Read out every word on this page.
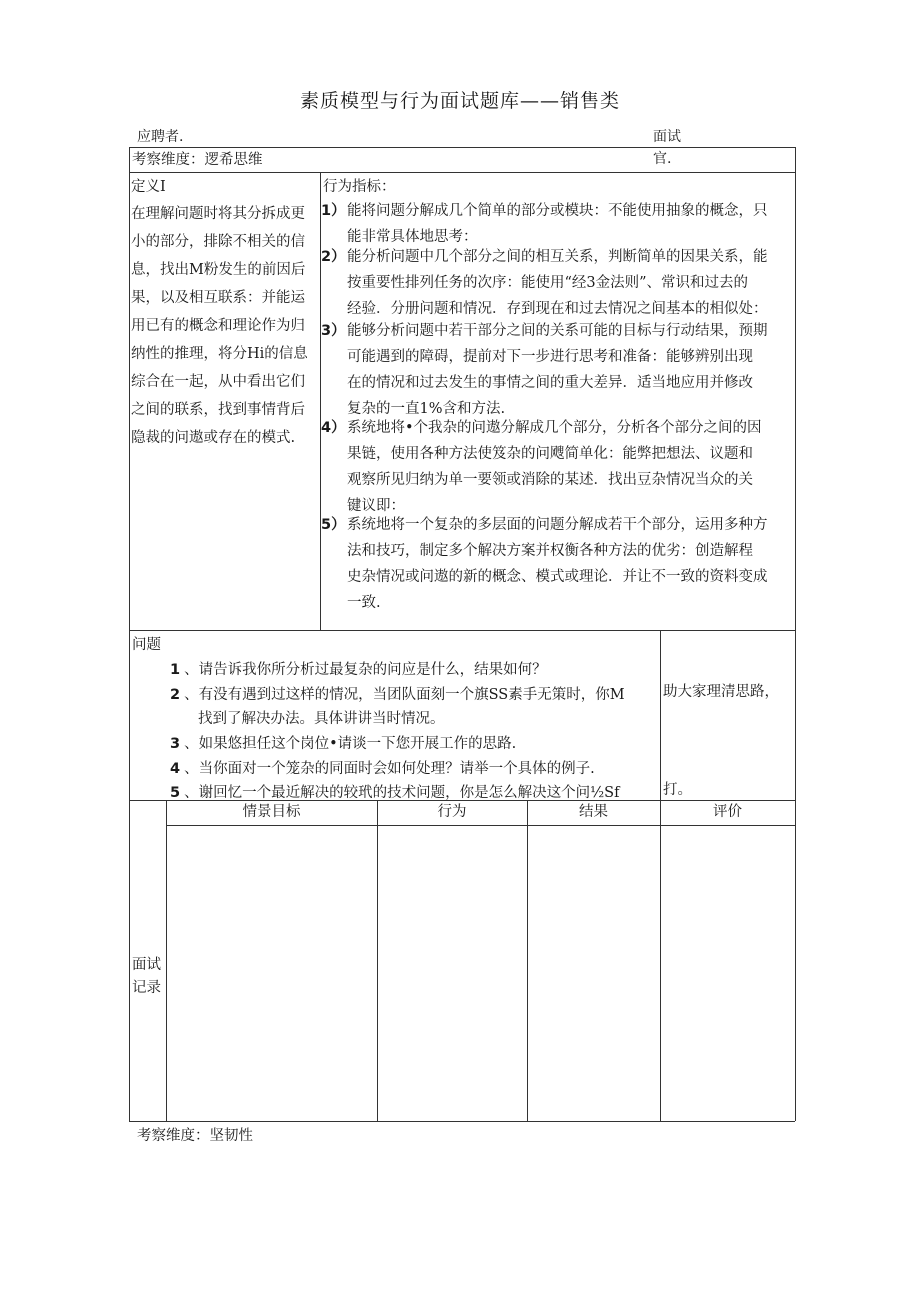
素质模型与行为面试题库——销售类
应聘者.	面试
官.
考察维度：逻希思维
定义I
在理解问题时将其分拆成更
小的部分，排除不相关的信
息，找出M粉发生的前因后
果，以及相互联系：并能运
用已有的概念和理论作为归
纳性的推理，将分Hi的信息
综合在一起，从中看出它们
之间的联系，找到事情背后
隐裁的问遨或存在的模式.
行为指标：
1） 能将问题分解成几个简单的部分或模块：不能使用抽象的概念，只
能非常具体地思考：
2） 能分析问题中几个部分之间的相互关系，判断简单的因果关系，能
按重要性排列任务的次序：能使用“经3金法则”、常识和过去的
经验．分册问题和情况．存到现在和过去情况之间基本的相似处：
3） 能够分析问题中若干部分之间的关系可能的目标与行动结果，预期
可能遇到的障碍，提前对下一步进行思考和准备：能够辨别出现
在的情况和过去发生的事情之间的重大差异．适当地应用并修改
复杂的一直1%含和方法.
4） 系统地将•个我杂的问遨分解成几个部分，分析各个部分之间的因
果链，使用各种方法使笈杂的问飕简单化：能弊把想法、议题和
观察所见归纳为单一要领或消除的某述．找出豆杂情况当众的关
键议即：
5） 系统地将一个复杂的多层面的问题分解成若干个部分，运用多种方
法和技巧，制定多个解决方案并权衡各种方法的优劣：创造解程
史杂情况或问遨的新的概念、模式或理论．并让不一致的资料变成
一致.
问题
1 、请告诉我你所分析过最复杂的问应是什么，结果如何？
2 、有没有遇到过这样的情况，当团队面刻一个旗SS素手无策时，你M
找到了解决办法。具体讲讲当时情况。
3 、如果悠担任这个岗位•请谈一下您开展工作的思路.
4 、当你面对一个笼杂的同面时会如何处理？请举一个具体的例子.
5 、谢回忆一个最近解决的较玳的技术问题，你是怎么解决这个问½Sf
助大家理清思路，
打。
面试
记录
情景目标	行为	结果	评价
考察维度：坚韧性
